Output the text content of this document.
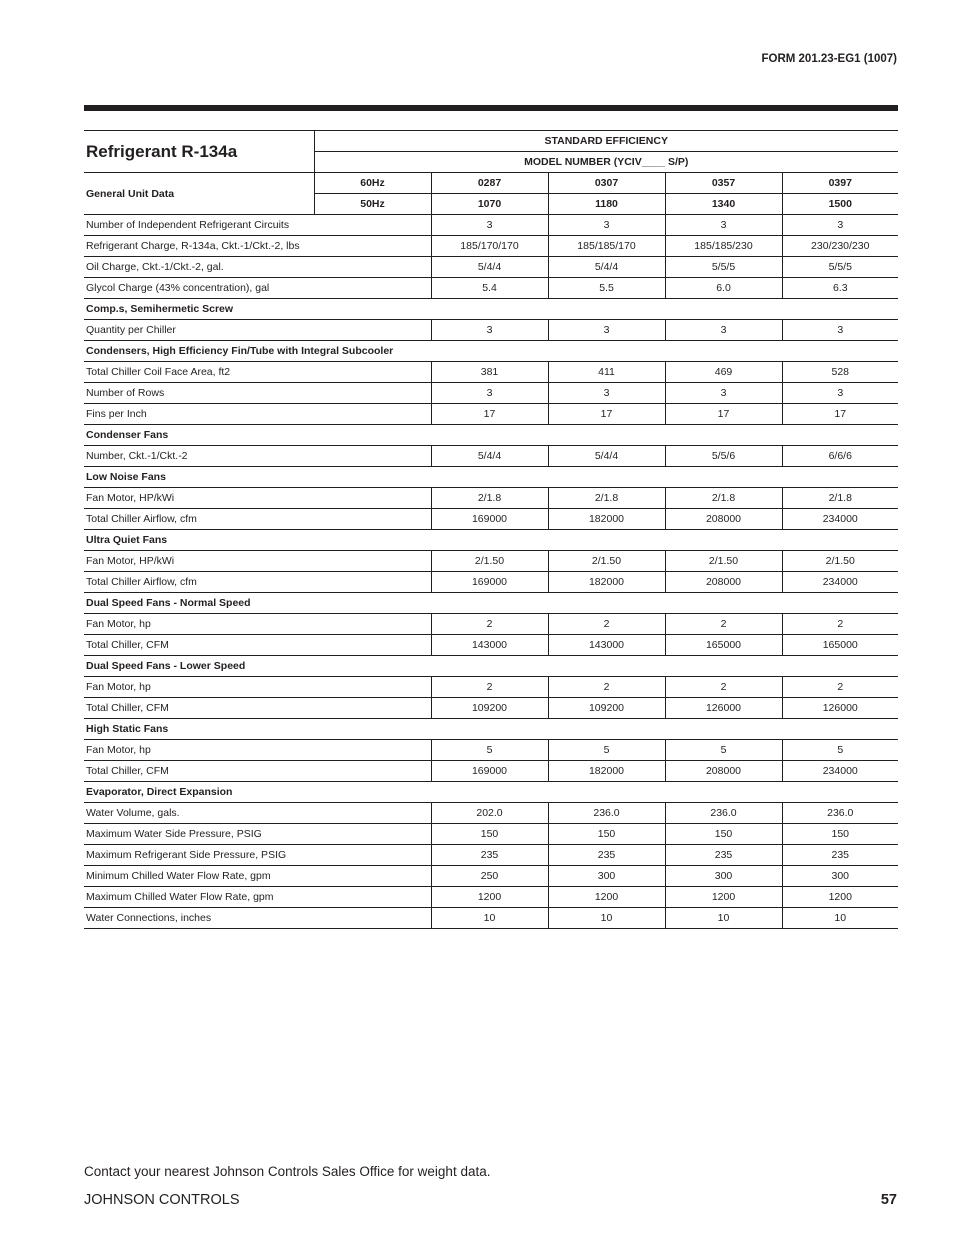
FORM 201.23-EG1 (1007)
Refrigerant R-134a	STANDARD EFFICIENCY				
	MODEL NUMBER (YCIV____ S/P)				
General Unit Data	60Hz	0287	0307	0357	0397
	50Hz	1070	1180	1340	1500
Number of Independent Refrigerant Circuits		3	3	3	3
Refrigerant Charge, R-134a, Ckt.-1/Ckt.-2, lbs		185/170/170	185/185/170	185/185/230	230/230/230
Oil Charge, Ckt.-1/Ckt.-2, gal.		5/4/4	5/4/4	5/5/5	5/5/5
Glycol Charge (43% concentration), gal		5.4	5.5	6.0	6.3
Comp.s, Semihermetic Screw					
Quantity per Chiller		3	3	3	3
Condensers, High Efficiency Fin/Tube with Integral Subcooler					
Total Chiller Coil Face Area, ft2		381	411	469	528
Number of Rows		3	3	3	3
Fins per Inch		17	17	17	17
Condenser Fans					
Number, Ckt.-1/Ckt.-2		5/4/4	5/4/4	5/5/6	6/6/6
Low Noise Fans					
Fan Motor, HP/kWi		2/1.8	2/1.8	2/1.8	2/1.8
Total Chiller Airflow, cfm		169000	182000	208000	234000
Ultra Quiet Fans					
Fan Motor, HP/kWi		2/1.50	2/1.50	2/1.50	2/1.50
Total Chiller Airflow, cfm		169000	182000	208000	234000
Dual Speed Fans - Normal Speed					
Fan Motor, hp		2	2	2	2
Total Chiller, CFM		143000	143000	165000	165000
Dual Speed Fans - Lower Speed					
Fan Motor, hp		2	2	2	2
Total Chiller, CFM		109200	109200	126000	126000
High Static Fans					
Fan Motor, hp		5	5	5	5
Total Chiller, CFM		169000	182000	208000	234000
Evaporator, Direct Expansion					
Water Volume, gals.		202.0	236.0	236.0	236.0
Maximum Water Side Pressure, PSIG		150	150	150	150
Maximum Refrigerant Side Pressure, PSIG		235	235	235	235
Minimum Chilled Water Flow Rate, gpm		250	300	300	300
Maximum Chilled Water Flow Rate, gpm		1200	1200	1200	1200
Water Connections, inches		10	10	10	10
Contact your nearest Johnson Controls Sales Office for weight data.
JOHNSON CONTROLS	57
